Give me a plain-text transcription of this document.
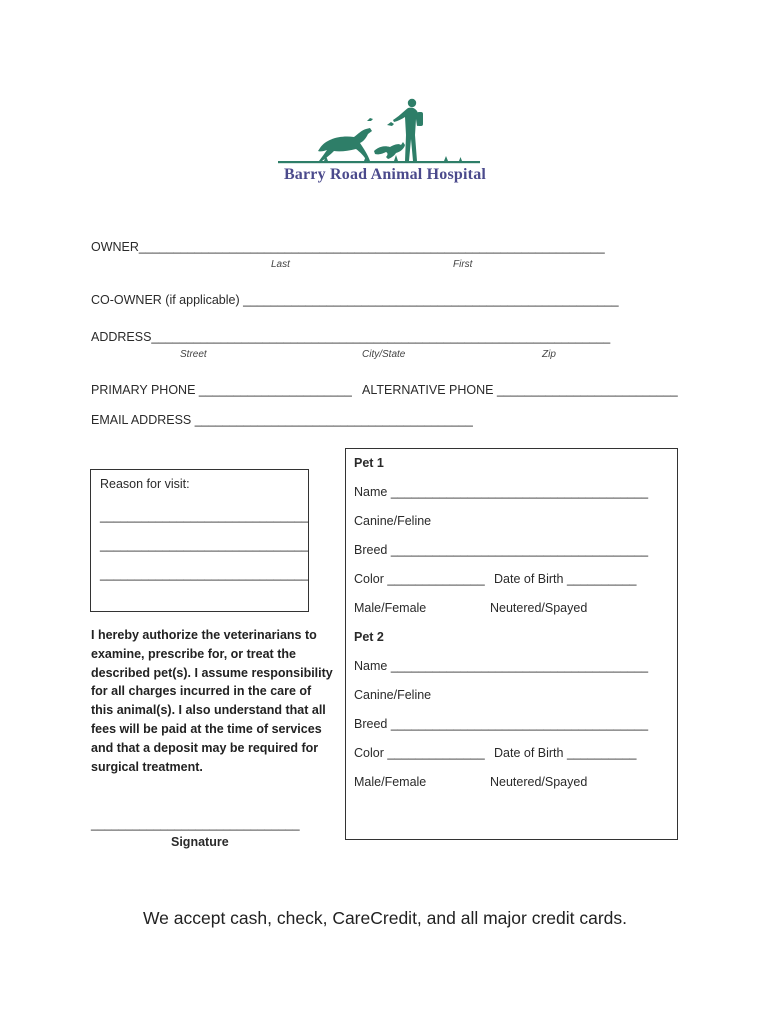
Barry Road Animal Hospital
OWNER___________________________________________________________________
Last	First
CO-OWNER (if applicable) ______________________________________________________
ADDRESS__________________________________________________________________
Street	City/State	Zip
PRIMARY PHONE ______________________ ALTERNATIVE PHONE __________________________
EMAIL ADDRESS ________________________________________
Reason for visit:
______________________________
______________________________
______________________________
I hereby authorize the veterinarians to examine, prescribe for, or treat the described pet(s). I assume responsibility for all charges incurred in the care of this animal(s). I also understand that all fees will be paid at the time of services and that a deposit may be required for surgical treatment.
______________________________
Signature
Pet 1
Name _____________________________________
Canine/Feline
Breed _____________________________________
Color ______________ Date of Birth __________
Male/Female	Neutered/Spayed
Pet 2
Name _____________________________________
Canine/Feline
Breed _____________________________________
Color ______________ Date of Birth __________
Male/Female	Neutered/Spayed
We accept cash, check, CareCredit, and all major credit cards.
